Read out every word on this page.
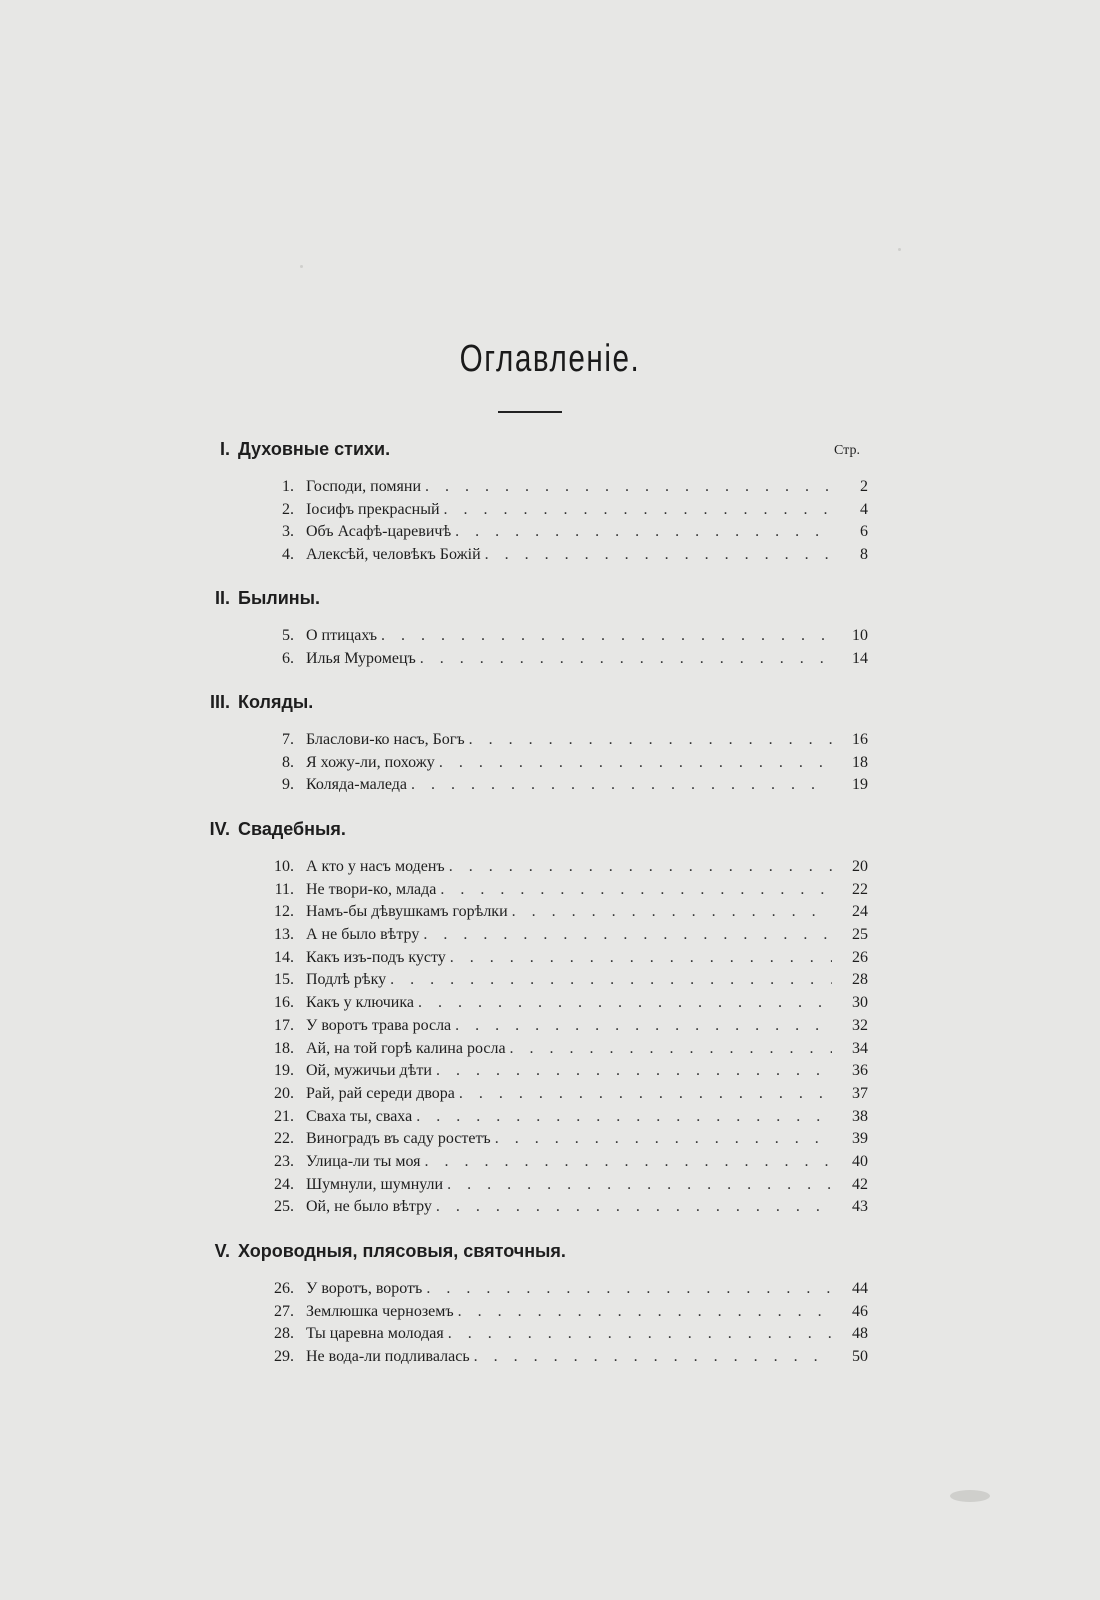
Оглавленіе.
Стр.
I. Духовные стихи.
1. Господи, помяни . . .	2
2. Іосифъ прекрасный . . .	4
3. Объ Асафѣ-царевичѣ . . .	6
4. Алексѣй, человѣкъ Божій . . .	8
II. Былины.
5. О птицахъ . . .	10
6. Илья Муромецъ . . .	14
III. Коляды.
7. Бласлови-ко насъ, Богъ . . .	16
8. Я хожу-ли, похожу . . .	18
9. Коляда-маледа . . .	19
IV. Свадебныя.
10. А кто у насъ моденъ . . .	20
11. Не твори-ко, млада . . .	22
12. Намъ-бы дѣвушкамъ горѣлки . . .	24
13. А не было вѣтру . . .	25
14. Какъ изъ-подъ кусту . . .	26
15. Подлѣ рѣку . . .	28
16. Какъ у ключика . . .	30
17. У воротъ трава росла . . .	32
18. Ай, на той горѣ калина росла . . .	34
19. Ой, мужичьи дѣти . . .	36
20. Рай, рай середи двора . . .	37
21. Сваха ты, сваха . . .	38
22. Виноградъ въ саду ростетъ . . .	39
23. Улица-ли ты моя . . .	40
24. Шумнули, шумнули . . .	42
25. Ой, не было вѣтру . . .	43
V. Хороводныя, плясовыя, святочныя.
26. У воротъ, воротъ . . .	44
27. Землюшка черноземъ . . .	46
28. Ты царевна молодая . . .	48
29. Не вода-ли подливалась . . .	50
